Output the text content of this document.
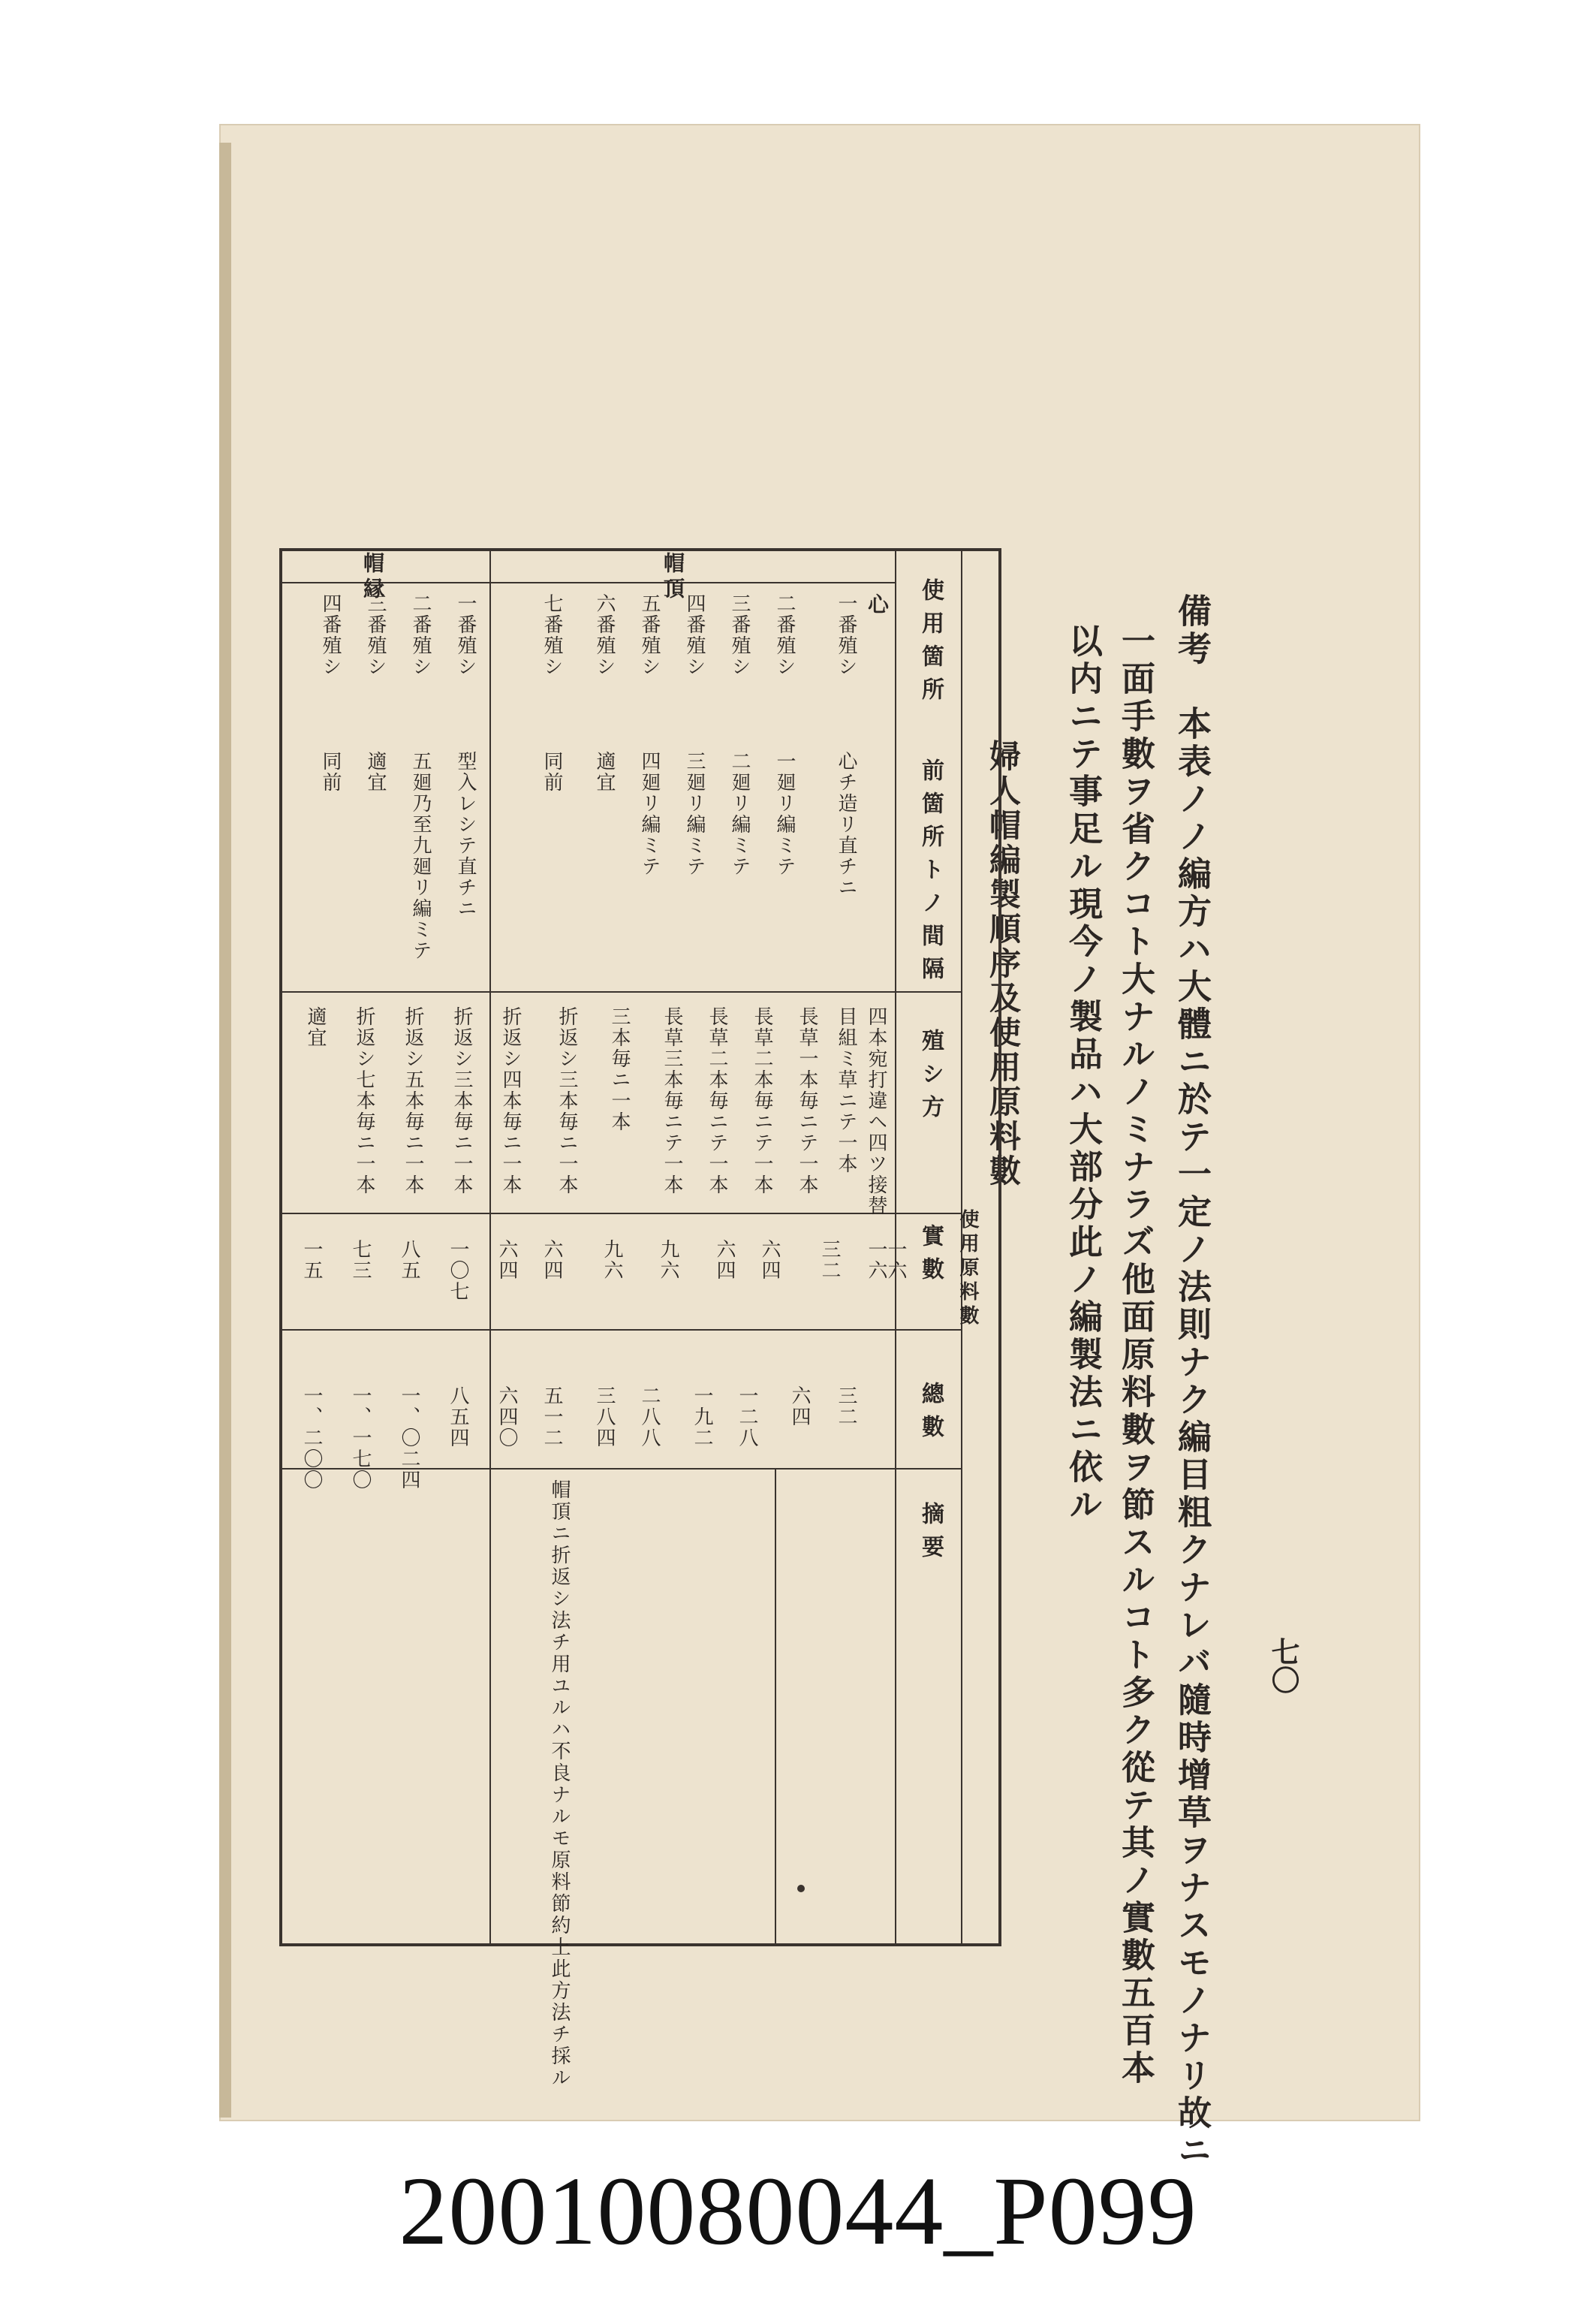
七〇
備考　本表ノノ編方ハ大體ニ於テ一定ノ法則ナク編目粗クナレバ隨時增草ヲナスモノナリ故ニ
一面手數ヲ省クコト大ナルノミナラズ他面原料數ヲ節スルコト多ク從テ其ノ實數五百本
以内ニテ事足ル現今ノ製品ハ大部分此ノ編製法ニ依ル
婦人帽編製順序及使用原料數
使用箇所
前箇所トノ間隔
殖シ方
使用原料數
實數
總數
摘要
帽頂
帽縁
心
一番殖シ
心チ造リ直チニ
目組ミ草ニテ一本 四本宛打違ヘ四ツ接替
一六
一六
三二
二番殖シ
一廻リ編ミテ
長草一本毎ニテ一本
三二
六四
三番殖シ
二廻リ編ミテ
長草二本毎ニテ一本
六四
一二八
四番殖シ
三廻リ編ミテ
長草二本毎ニテ一本
六四
一九二
五番殖シ
四廻リ編ミテ
長草三本毎ニテ一本
九六
二八八
六番殖シ
適宜
三本毎ニ一本
九六
三八四
七番殖シ
同前
折返シ三本毎ニ一本
六四
五一二
一番殖シ
型入レシテ直チニ
折返シ四本毎ニ一本
六四
六四〇
二番殖シ
五廻乃至九廻リ編ミテ
折返シ三本毎ニ一本
一〇七
八五四
三番殖シ
適宜
折返シ五本毎ニ一本
八五
一、〇二四
四番殖シ
同前
折返シ七本毎ニ一本
七三
一、一七〇
適宜
一五
一、二〇〇
帽頂ニ折返シ法チ用ユルハ不良ナルモ原料節約上此方法チ採ル
20010080044_P099
